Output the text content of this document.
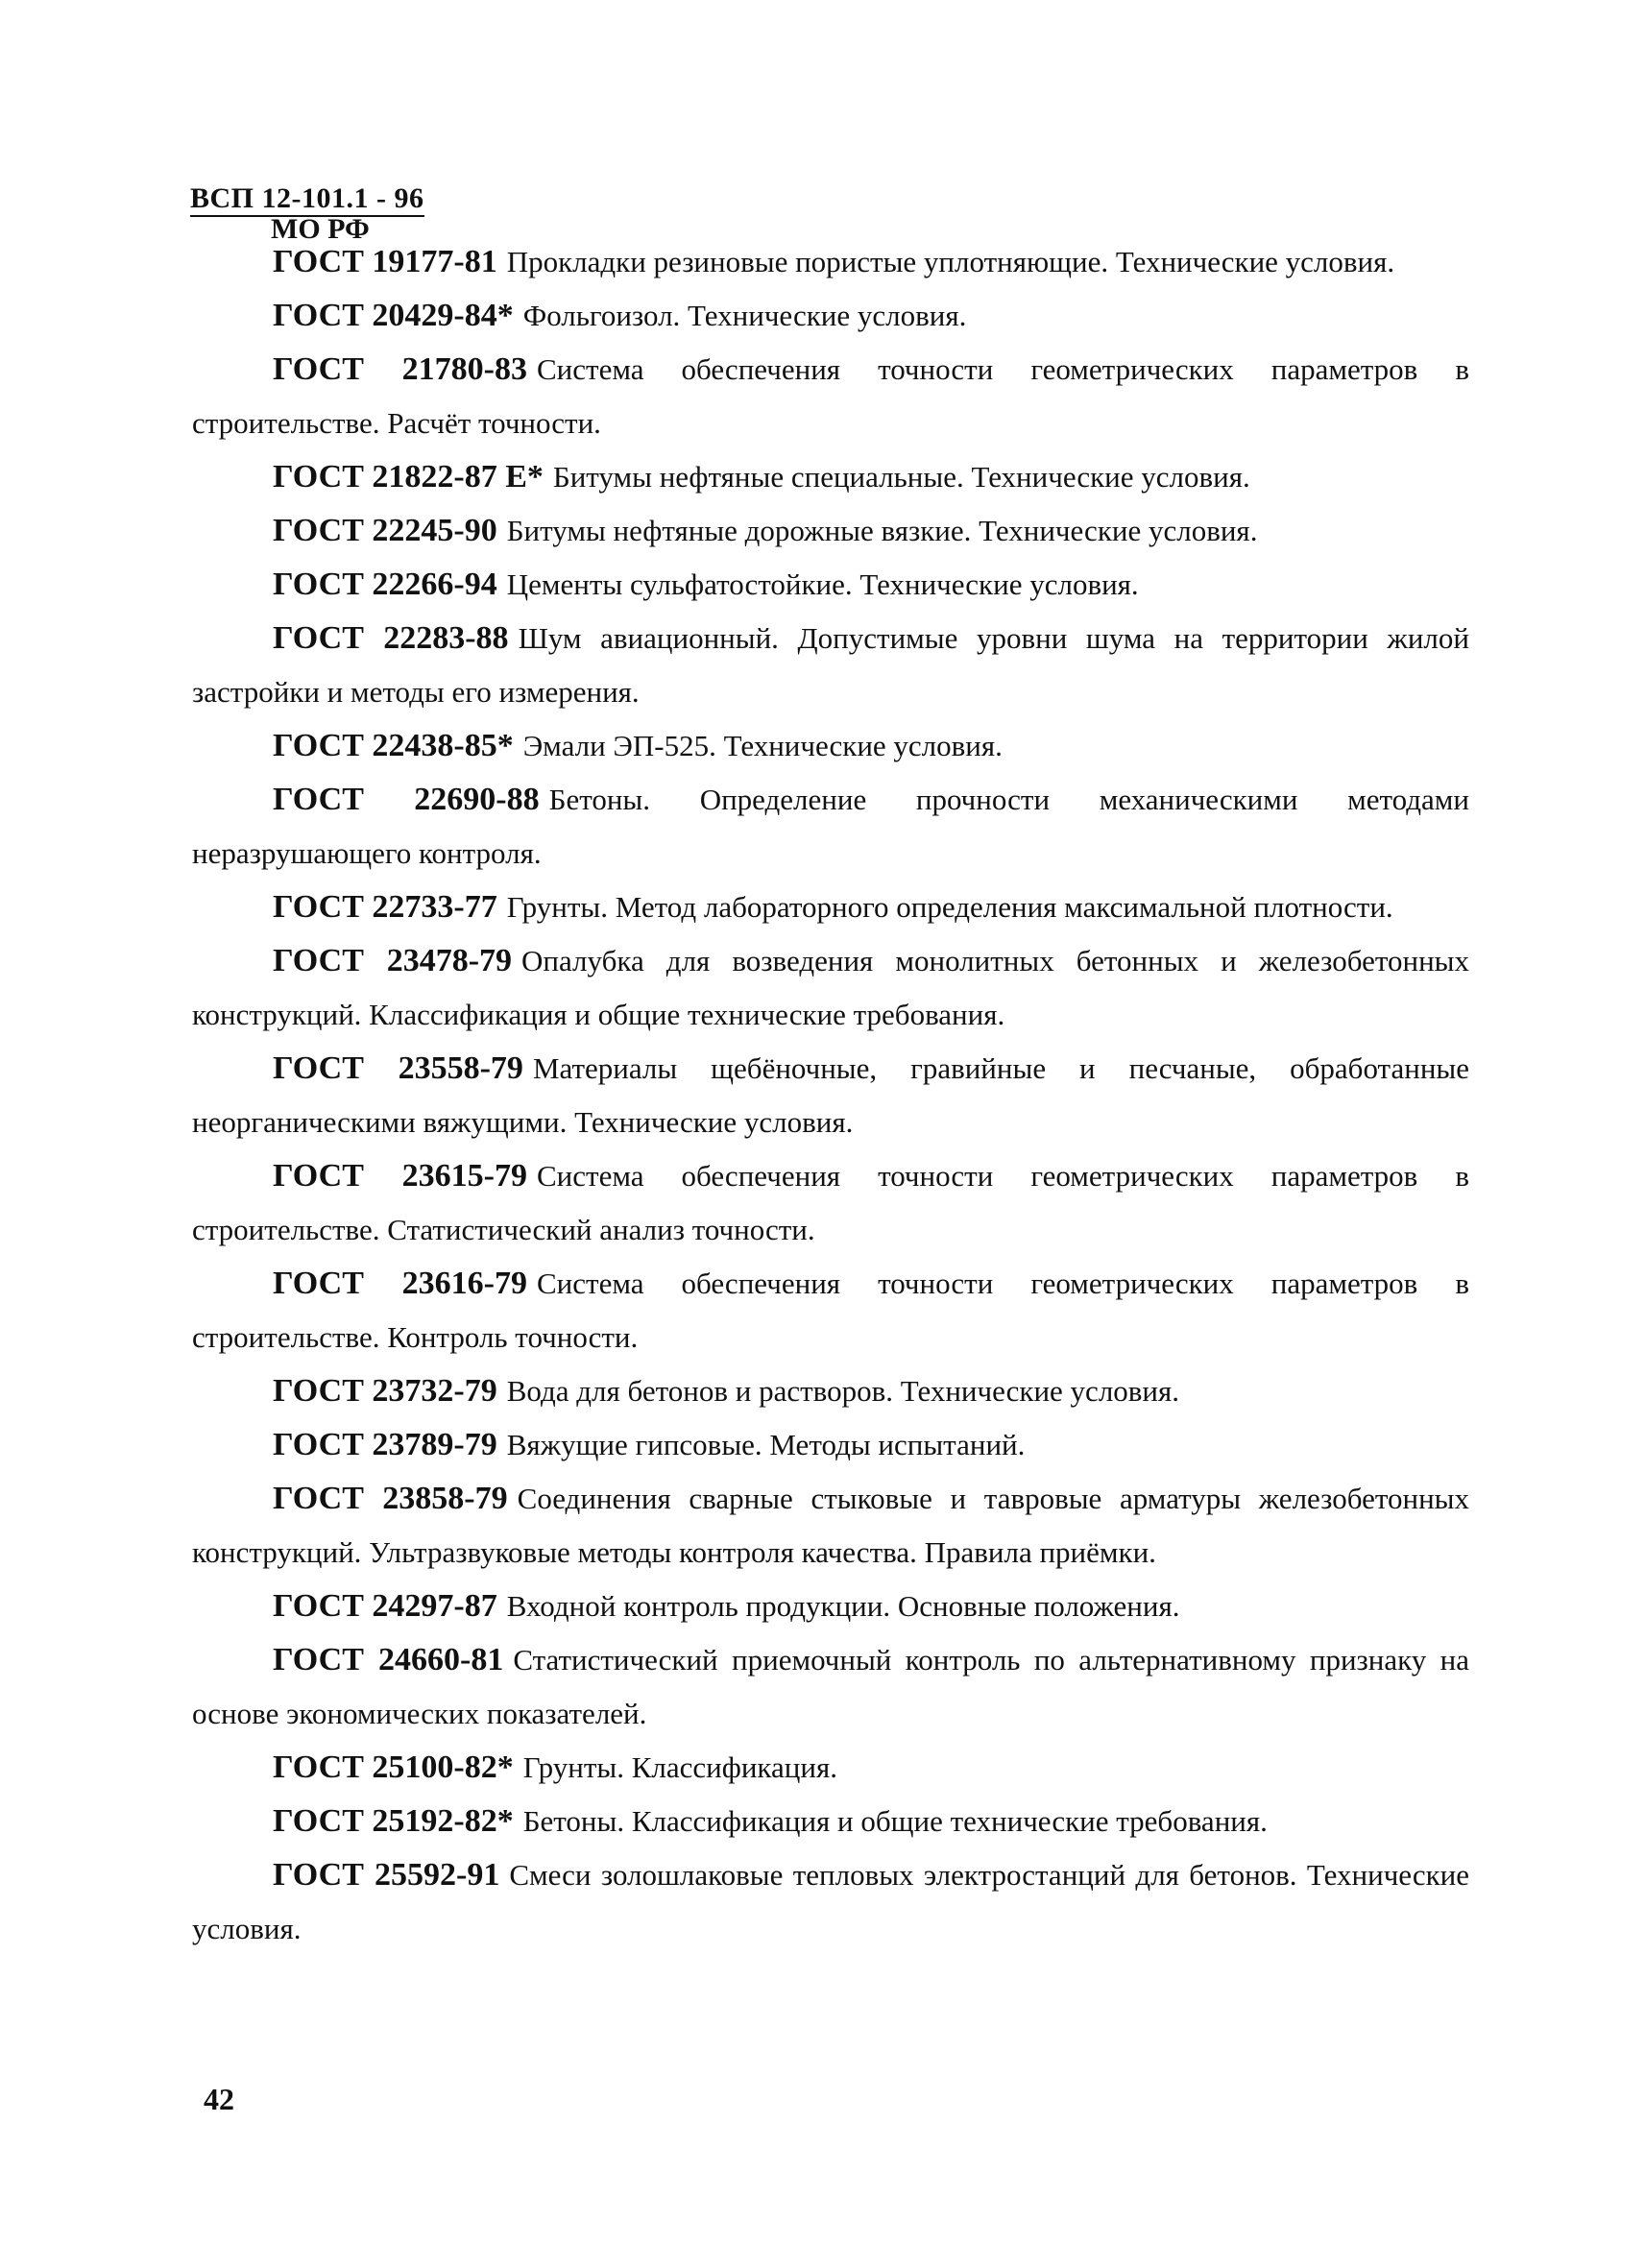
ВСП 12-101.1 - 96
МО РФ

ГОСТ 19177-81 Прокладки резиновые пористые уплотняющие. Технические условия.

ГОСТ 20429-84* Фольгоизол. Технические условия.

ГОСТ 21780-83 Система обеспечения точности геометрических параметров в строительстве. Расчёт точности.

ГОСТ 21822-87 Е* Битумы нефтяные специальные. Технические условия.

ГОСТ 22245-90 Битумы нефтяные дорожные вязкие. Технические условия.

ГОСТ 22266-94 Цементы сульфатостойкие. Технические условия.

ГОСТ 22283-88 Шум авиационный. Допустимые уровни шума на территории жилой застройки и методы его измерения.

ГОСТ 22438-85* Эмали ЭП-525. Технические условия.

ГОСТ 22690-88 Бетоны. Определение прочности механическими методами неразрушающего контроля.

ГОСТ 22733-77 Грунты. Метод лабораторного определения максимальной плотности.

ГОСТ 23478-79 Опалубка для возведения монолитных бетонных и железобетонных конструкций. Классификация и общие технические требования.

ГОСТ 23558-79 Материалы щебёночные, гравийные и песчаные, обработанные неорганическими вяжущими. Технические условия.

ГОСТ 23615-79 Система обеспечения точности геометрических параметров в строительстве. Статистический анализ точности.

ГОСТ 23616-79 Система обеспечения точности геометрических параметров в строительстве. Контроль точности.

ГОСТ 23732-79 Вода для бетонов и растворов. Технические условия.

ГОСТ 23789-79 Вяжущие гипсовые. Методы испытаний.

ГОСТ 23858-79 Соединения сварные стыковые и тавровые арматуры железобетонных конструкций. Ультразвуковые методы контроля качества. Правила приёмки.

ГОСТ 24297-87 Входной контроль продукции. Основные положения.

ГОСТ 24660-81 Статистический приемочный контроль по альтернативному признаку на основе экономических показателей.

ГОСТ 25100-82* Грунты. Классификация.

ГОСТ 25192-82* Бетоны. Классификация и общие технические требования.

ГОСТ 25592-91 Смеси золошлаковые тепловых электростанций для бетонов. Технические условия.

42
